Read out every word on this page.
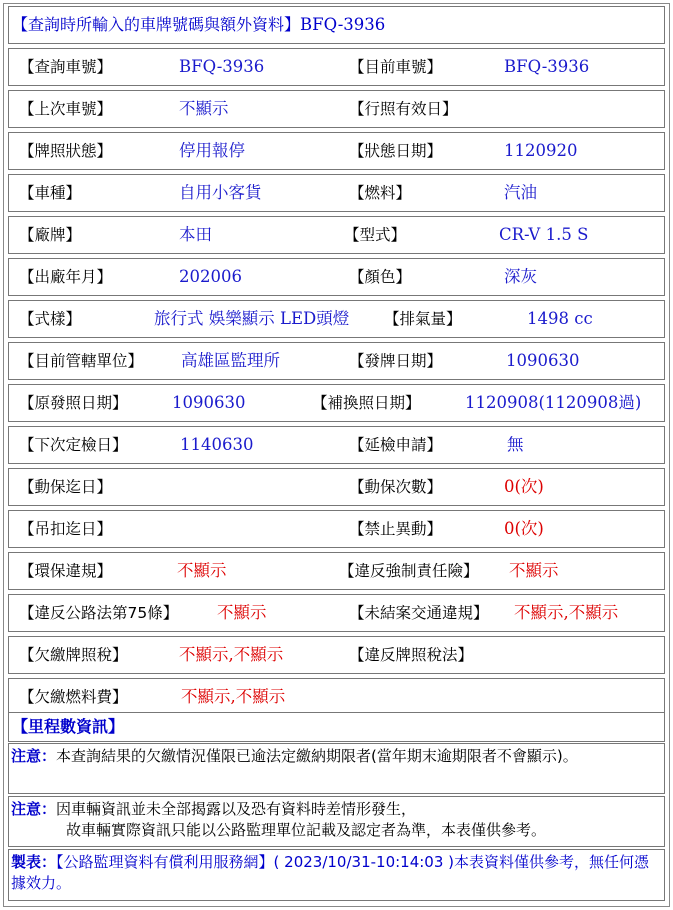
【查詢時所輸入的車牌號碼與額外資料】BFQ-3936
【查詢車號】	BFQ-3936	【目前車號】	BFQ-3936
【上次車號】	不顯示	【行照有效日】
【牌照狀態】	停用報停	【狀態日期】	1120920
【車種】	自用小客貨	【燃料】	汽油
【廠牌】	本田	【型式】	CR-V 1.5 S
【出廠年月】	202006	【顏色】	深灰
【式樣】	旅行式 娛樂顯示 LED頭燈 【排氣量】	1498 cc
【目前管轄單位】 高雄區監理所	【發牌日期】	1090630
【原發照日期】	1090630	【補換照日期】	1120908(1120908過)
【下次定檢日】	1140630	【延檢申請】	無
【動保迄日】	【動保次數】	0(次)
【吊扣迄日】	【禁止異動】	0(次)
【環保違規】	不顯示	【違反強制責任險】 不顯示
【違反公路法第75條】 不顯示	【未結案交通違規】 不顯示,不顯示
【欠繳牌照稅】	不顯示,不顯示	【違反牌照稅法】
【欠繳燃料費】	不顯示,不顯示
【里程數資訊】
注意：本查詢結果的欠繳情況僅限已逾法定繳納期限者(當年期末逾期限者不會顯示)。
注意：因車輛資訊並未全部揭露以及恐有資料時差情形發生，
故車輛實際資訊只能以公路監理單位記載及認定者為準，本表僅供參考。
製表：【公路監理資料有償利用服務網】( 2023/10/31-10:14:03 )本表資料僅供參考，無任何憑據效力。
